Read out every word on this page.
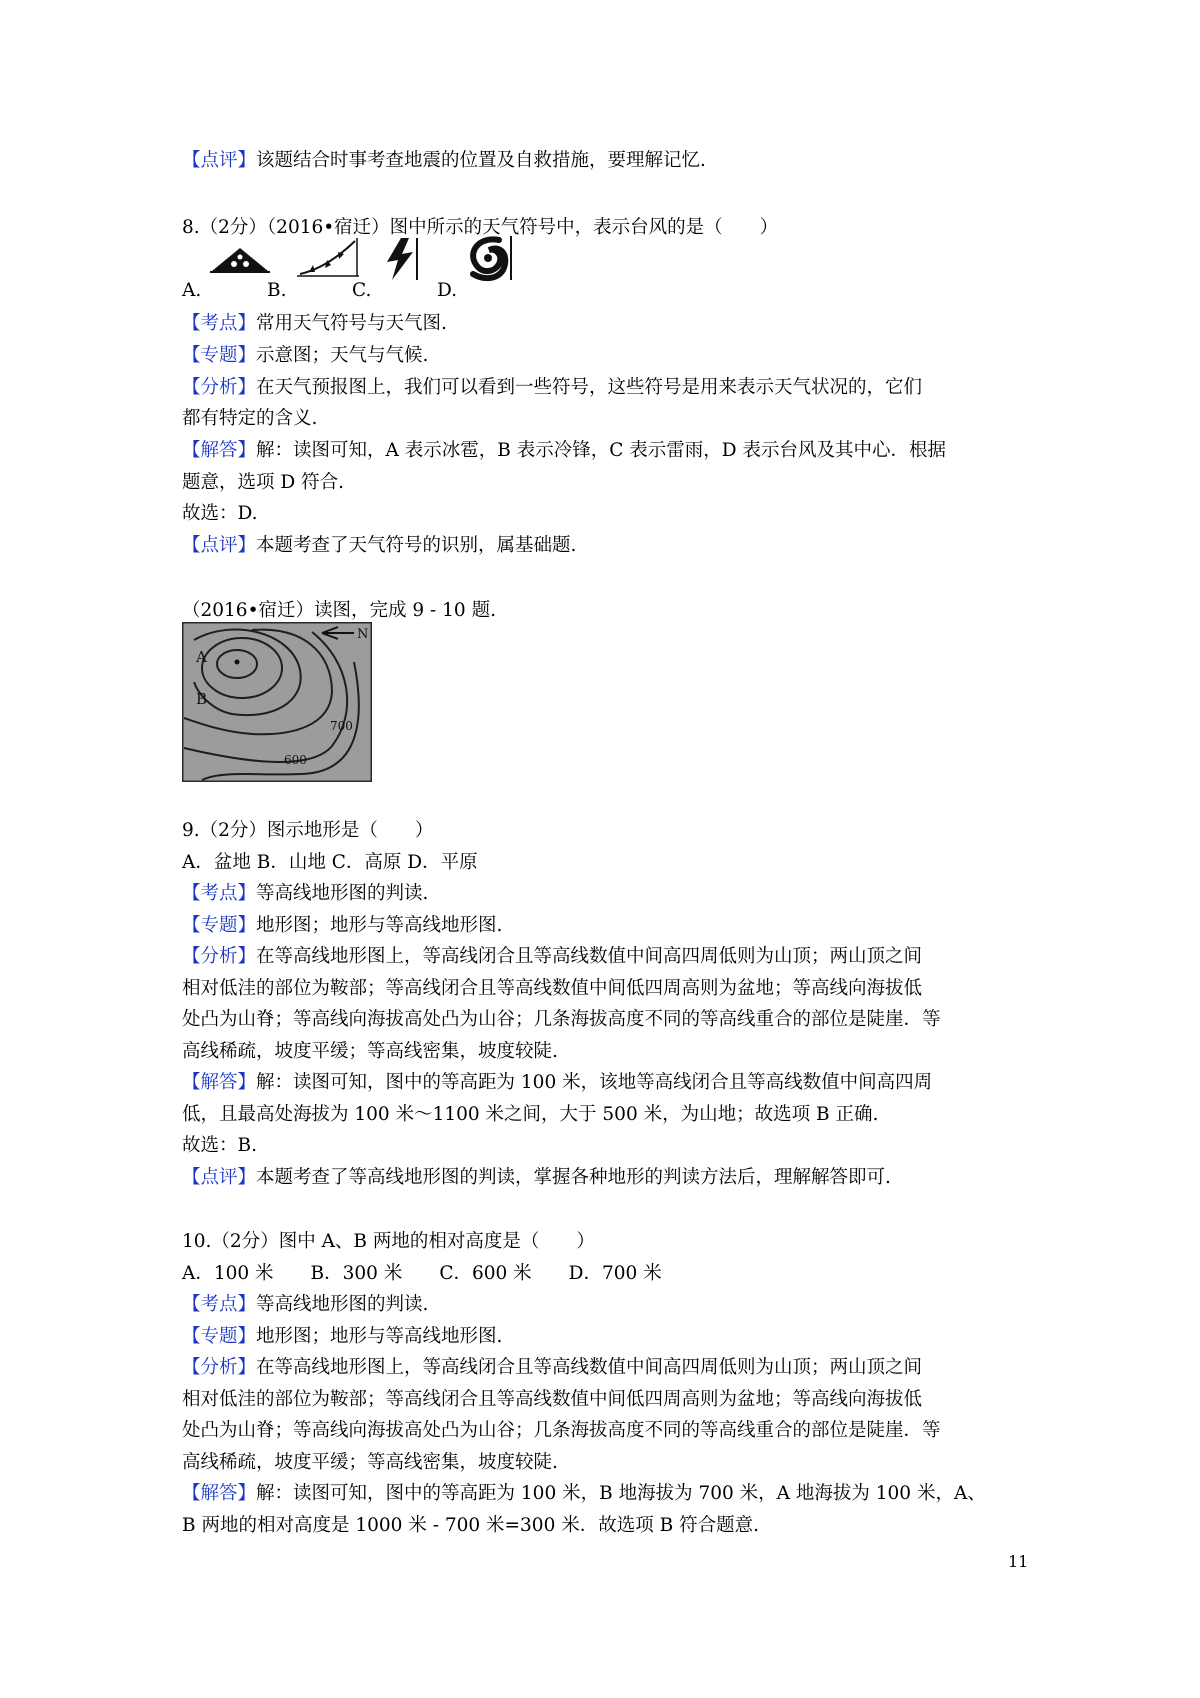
【点评】该题结合时事考查地震的位置及自救措施，要理解记忆.
8.（2分）（2016•宿迁）图中所示的天气符号中，表示台风的是（　　）
A.	B.	C.	D.
【考点】常用天气符号与天气图.
【专题】示意图；天气与气候.
【分析】在天气预报图上，我们可以看到一些符号，这些符号是用来表示天气状况的，它们
都有特定的含义.
【解答】解：读图可知，A 表示冰雹，B 表示冷锋，C 表示雷雨，D 表示台风及其中心．根据
题意，选项 D 符合.
故选：D.
【点评】本题考查了天气符号的识别，属基础题.
（2016•宿迁）读图，完成 9 - 10 题.
A
B
N
700
600
9.（2分）图示地形是（　　）
A．盆地 B．山地 C．高原 D．平原
【考点】等高线地形图的判读.
【专题】地形图；地形与等高线地形图.
【分析】在等高线地形图上，等高线闭合且等高线数值中间高四周低则为山顶；两山顶之间
相对低洼的部位为鞍部；等高线闭合且等高线数值中间低四周高则为盆地；等高线向海拔低
处凸为山脊；等高线向海拔高处凸为山谷；几条海拔高度不同的等高线重合的部位是陡崖．等
高线稀疏，坡度平缓；等高线密集，坡度较陡.
【解答】解：读图可知，图中的等高距为 100 米，该地等高线闭合且等高线数值中间高四周
低，且最高处海拔为 100 米～1100 米之间，大于 500 米，为山地；故选项 B 正确.
故选：B.
【点评】本题考查了等高线地形图的判读，掌握各种地形的判读方法后，理解解答即可.
10.（2分）图中 A、B 两地的相对高度是（　　）
A．100 米　　B．300 米　　C．600 米　　D．700 米
【考点】等高线地形图的判读.
【专题】地形图；地形与等高线地形图.
【分析】在等高线地形图上，等高线闭合且等高线数值中间高四周低则为山顶；两山顶之间
相对低洼的部位为鞍部；等高线闭合且等高线数值中间低四周高则为盆地；等高线向海拔低
处凸为山脊；等高线向海拔高处凸为山谷；几条海拔高度不同的等高线重合的部位是陡崖．等
高线稀疏，坡度平缓；等高线密集，坡度较陡.
【解答】解：读图可知，图中的等高距为 100 米，B 地海拔为 700 米，A 地海拔为 100 米，A、
B 两地的相对高度是 1000 米 - 700 米=300 米．故选项 B 符合题意.
11
